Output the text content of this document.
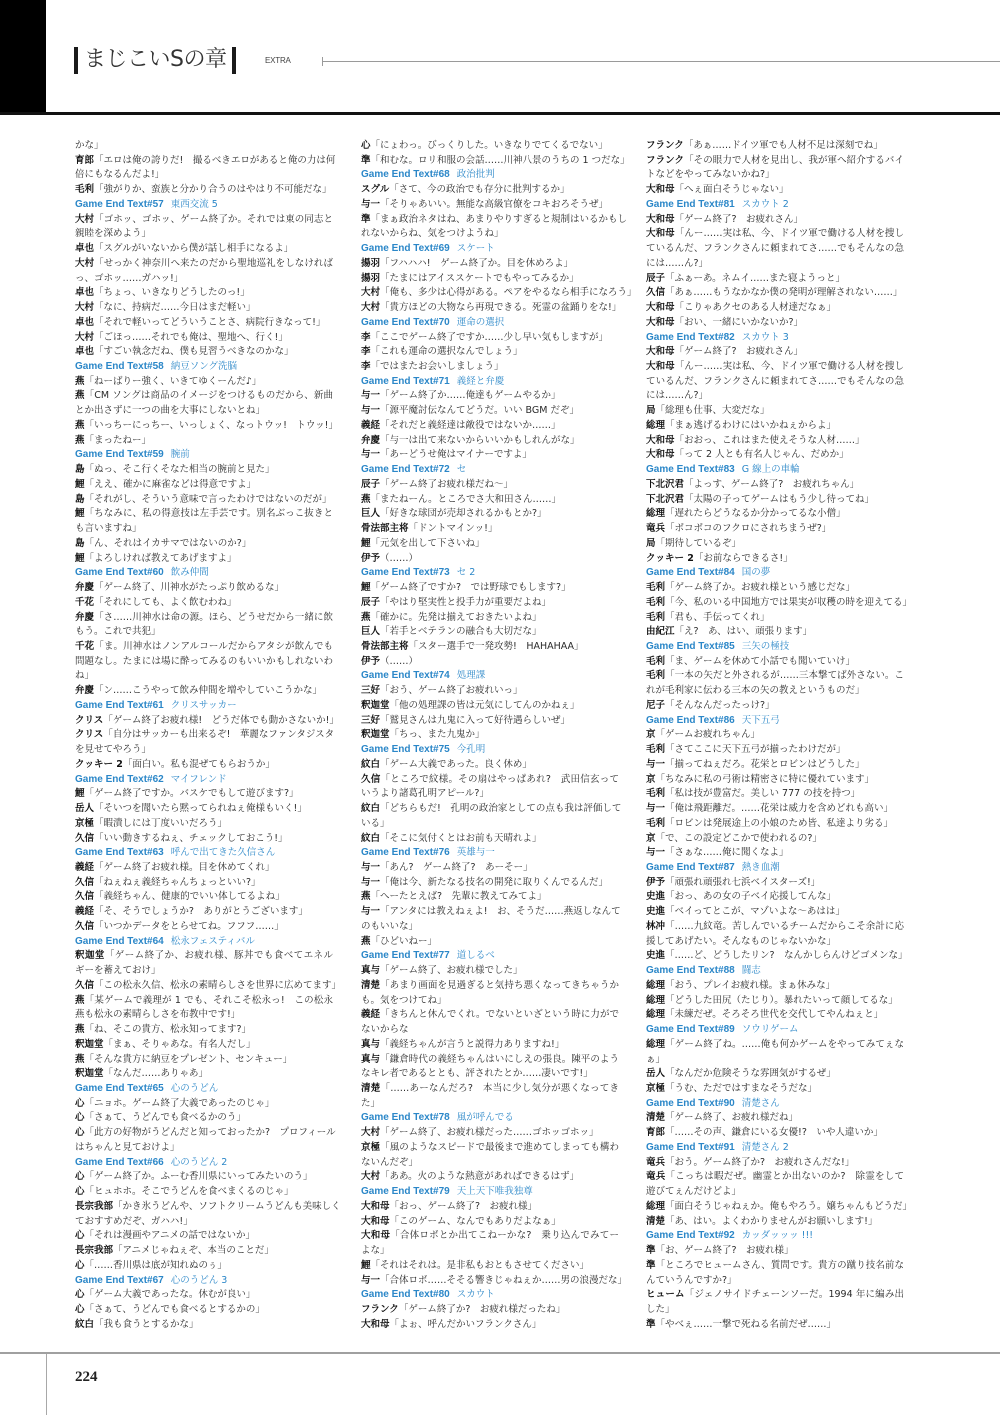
まじこいSの章	EXTRA
かな」
育郎「エロは俺の誇りだ!　撮るべきエロがあると俺の力は何
倍にもなるんだよ!」
毛利「強がりか、蛮族と分かり合うのはやはり不可能だな」
Game End Text#57 東西交流 5
大村「ゴホッ、ゴホッ、ゲーム終了か。それでは東の同志と
親睦を深めよう」
卓也「スグルがいないから僕が話し相手になるよ」
大村「せっかく神奈川へ来たのだから聖地巡礼をしなければ
っ、ゴホッ……ガハッ!」
卓也「ちょっ、いきなりどうしたのっ!」
大村「なに、持病だ……今日はまだ軽い」
卓也「それで軽いってどういうことさ、病院行きなって!」
大村「ごほっ……それでも俺は、聖地へ、行く!」
卓也「すごい執念だね、僕も見習うべきなのかな」
Game End Text#58 納豆ソング洗脳
燕「ねーばりー強く、いきてゆくーんだ♪」
燕「CM ソングは商品のイメージをつけるものだから、新曲
とか出さずに一つの曲を大事にしないとね」
燕「いっちーにっちー、いっしょく、なっトウッ!　トウッ!」
燕「まったねー」
Game End Text#59 腕前
島「ぬっ、そこ行くそなた相当の腕前と見た」
鯉「ええ、確かに麻雀などは得意ですよ」
島「それがし、そういう意味で言ったわけではないのだが」
鯉「ちなみに、私の得意技は左手芸です。別名ぶっこ抜きと
も言いますね」
島「ん、それはイカサマではないのか?」
鯉「よろしければ教えてあげますよ」
Game End Text#60 飲み仲間
弁慶「ゲーム終了、川神水がたっぷり飲めるな」
千花「それにしても、よく飲むわね」
弁慶「さ……川神水は命の源。ほら、どうせだから一緒に飲
もう。これで共犯」
千花「ま。川神水はノンアルコールだからアタシが飲んでも
問題なし。たまには場に酔ってみるのもいいかもしれないわ
ね」
弁慶「ン……こうやって飲み仲間を増やしていこうかな」
Game End Text#61 クリスサッカー
クリス「ゲーム終了お疲れ様!　どうだ体でも動かさないか!」
クリス「自分はサッカーも出来るぞ!　華麗なファンタジスタ
を見せてやろう」
クッキー 2「面白い。私も混ぜてもらおうか」
Game End Text#62 マイフレンド
鯉「ゲーム終了ですか。バスケでもして遊びます?」
岳人「そいつを聞いたら黙ってられねぇ俺様もいく!」
京極「暇潰しには丁度いいだろう」
久信「いい動きするねぇ、チェックしておこう!」
Game End Text#63 呼んで出てきた久信さん
義経「ゲーム終了お疲れ様。目を休めてくれ」
久信「ねぇねぇ義経ちゃんちょっといい?」
久信「義経ちゃん、健康的でいい体してるよね」
義経「そ、そうでしょうか?　ありがとうございます」
久信「いつかデータをとらせてね。フフフ……」
Game End Text#64 松永フェスティバル
釈迦堂「ゲーム終了か、お疲れ様、豚丼でも食べてエネル
ギーを蓄えておけ」
久信「この松永久信、松永の素晴らしさを世界に広めてます」
燕「某ゲームで義理が 1 でも、それこそ松永っ!　この松永
燕も松永の素晴らしさを布教中です!」
燕「ね、そこの貴方、松永知ってます?」
釈迦堂「まぁ、そりゃあな。有名人だし」
燕「そんな貴方に納豆をプレゼント、センキュー」
釈迦堂「なんだ……ありゃあ」
Game End Text#65 心のうどん
心「ニョホ。ゲーム終了大義であったのじゃ」
心「さぁて、うどんでも食べるかのう」
心「此方の好物がうどんだと知っておったか?　プロフィール
はちゃんと見ておけよ」
Game End Text#66 心のうどん 2
心「ゲーム終了か。ふーむ香川県にいってみたいのう」
心「ヒュホホ。そこでうどんを食べまくるのじゃ」
長宗我部「かき氷うどんや、ソフトクリームうどんも美味しく
ておすすめだぞ、ガハハ!」
心「それは漫画やアニメの話ではないか」
長宗我部「アニメじゃねぇぞ、本当のことだ」
心「……香川県は底が知れぬのぅ」
Game End Text#67 心のうどん 3
心「ゲーム大義であったな。休むが良い」
心「さぁて、うどんでも食べるとするかの」
紋白「我も食うとするかな」
心「にょわっ。びっくりした。いきなりでてくるでない」
準「和むな。ロリ和服の会話……川神八景のうちの 1 つだな」
Game End Text#68 政治批判
スグル「さて、今の政治でも存分に批判するか」
与一「そりゃあいい。無能な高級官僚をコキおろそうぜ」
準「まぁ政治ネタはね、あまりやりすぎると規制はいるかもし
れないからね、気をつけようね」
Game End Text#69 スケート
揚羽「フハハハ!　ゲーム終了か。目を休めろよ」
揚羽「たまにはアイススケートでもやってみるか」
大村「俺も、多少は心得がある。ペアをやるなら相手になろう」
大村「貴方ほどの大物なら再現できる。死霊の盆踊りをな!」
Game End Text#70 運命の選択
李「ここでゲーム終了ですか……少し早い気もしますが」
李「これも運命の選択なんでしょう」
李「ではまたお会いしましょう」
Game End Text#71 義経と弁慶
与一「ゲーム終了か……俺達もゲームやるか」
与一「源平魔討伝なんてどうだ。いい BGM だぞ」
義経「それだと義経達は敵役ではないか……」
弁慶「与一は出て来ないからいいかもしれんがな」
与一「あーどうせ俺はマイナーですよ」
Game End Text#72 セ
辰子「ゲーム終了お疲れ様だね～」
燕「またねーん。ところでさ大和田さん……」
巨人「好きな球団が売却されるかもとか?」
骨法部主将「ドントマインッ!」
鯉「元気を出して下さいね」
伊予（……）
Game End Text#73 セ 2
鯉「ゲーム終了ですか?　では野球でもします?」
辰子「やはり堅実性と投手力が重要だよね」
燕「確かに。先発は揃えておきたいよね」
巨人「若手とベテランの融合も大切だな」
骨法部主将「スター選手で一発攻勢!　HAHAHAA」
伊予（……）
Game End Text#74 処理課
三好「おう、ゲーム終了お疲れいっ」
釈迦堂「他の処理課の皆は元気にしてんのかねぇ」
三好「鷲見さんは九鬼に入って好待遇らしいぜ」
釈迦堂「ちっ、また九鬼か」
Game End Text#75 今孔明
紋白「ゲーム大義であった。良く休め」
久信「ところで紋様。その扇はやっぱあれ?　武田信玄って
いうより諸葛孔明アピール?」
紋白「どちらもだ!　孔明の政治家としての点も我は評価して
いる」
紋白「そこに気付くとはお前も天晴れよ」
Game End Text#76 英雄与一
与一「あん?　ゲーム終了?　あーそー」
与一「俺は今、新たなる技名の開発に取りくんでるんだ」
燕「へーたとえば?　先輩に教えてみてよ」
与一「アンタには教えねぇよ!　お、そうだ……燕返しなんて
のもいいな」
燕「ひどいねー」
Game End Text#77 道しるべ
真与「ゲーム終了、お疲れ様でした」
清楚「あまり画面を見過ぎると気持ち悪くなってきちゃうか
も。気をつけてね」
義経「きちんと休んでくれ。でないといざという時に力がで
ないからな
真与「義経ちゃんが言うと説得力ありますね!」
真与「鎌倉時代の義経ちゃんはいにしえの張良。陳平のよう
なキレ者であるととも、評されたとか……凄いです!」
清楚「……あーなんだろ?　本当に少し気分が悪くなってき
た」
Game End Text#78 風が呼んでる
大村「ゲーム終了、お疲れ様だった……ゴホッゴホッ」
京極「風のようなスピードで最後まで進めてしまっても構わ
ないんだぞ」
大村「ああ。火のような熱意があればできるはず」
Game End Text#79 天上天下唯我独尊
大和母「おっ、ゲーム終了?　お疲れ様」
大和母「このゲーム、なんでもありだよなぁ」
大和母「合体ロボとか出てこねーかな?　乗り込んでみてー
よな」
鯉「それはそれは。是非私もおともさせてください」
与一「合体ロボ……そそる響きじゃねぇか……男の浪漫だな」
Game End Text#80 スカウト
フランク「ゲーム終了か?　お疲れ様だったね」
大和母「よぉ、呼んだかいフランクさん」
フランク「あぁ……ドイツ軍でも人材不足は深刻でね」
フランク「その眼力で人材を見出し、我が軍へ紹介するバイ
トなどをやってみないかね?」
大和母「へぇ面白そうじゃない」
Game End Text#81 スカウト 2
大和母「ゲーム終了?　お疲れさん」
大和母「んー……実は私、今、ドイツ軍で働ける人材を捜し
ているんだ、フランクさんに頼まれてさ……でもそんなの急
には……ん?」
辰子「ふぁーあ。ネムイ……また寝ようっと」
久信「あぁ……もうなかなか僕の発明が理解されない……」
大和母「こりゃあクセのある人材達だなぁ」
大和母「おい、一緒にいかないか?」
Game End Text#82 スカウト 3
大和母「ゲーム終了?　お疲れさん」
大和母「んー……実は私、今、ドイツ軍で働ける人材を捜し
ているんだ、フランクさんに頼まれてさ……でもそんなの急
には……ん?」
局「総理も仕事、大変だな」
総理「まぁ逃げるわけにはいかねぇからよ」
大和母「おおっ、これはまた使えそうな人材……」
大和母「って 2 人とも有名人じゃん、だめか」
Game End Text#83 G 線上の車輪
下北沢君「よっす、ゲーム終了?　お疲れちゃん」
下北沢君「太陽の子ってゲームはもう少し待ってね」
総理「遅れたらどうなるか分かってるな小僧」
竜兵「ボコボコのフクロにされちまうぜ?」
局「期待しているぞ」
クッキー 2「お前ならできるさ!」
Game End Text#84 国の夢
毛利「ゲーム終了か。お疲れ様という感じだな」
毛利「今、私のいる中国地方では果実が収穫の時を迎えてる」
毛利「君も、手伝ってくれ」
由紀江「え?　あ、はい、頑張ります」
Game End Text#85 三矢の極技
毛利「ま、ゲームを休めて小話でも聞いていけ」
毛利「一本の矢だと外されるが……三本撃てば外さない。こ
れが毛利家に伝わる三本の矢の教えというものだ」
尼子「そんなんだったっけ?」
Game End Text#86 天下五弓
京「ゲームお疲れちゃん」
毛利「さてここに天下五弓が揃ったわけだが」
与一「揃ってねぇだろ。花栄とロビンはどうした」
京「ちなみに私の弓術は精密さに特に優れています」
毛利「私は技が豊富だ。美しい 777 の技を持つ」
与一「俺は飛距離だ。……花栄は威力を含めどれも高い」
毛利「ロビンは発展途上の小娘のため皆、私達より劣る」
京「で、この設定どこかで使われるの?」
与一「さぁな……俺に聞くなよ」
Game End Text#87 熱き血潮
伊予「頑張れ頑張れ七浜ベイスターズ!」
史進「おっ、あの女の子ベイ応援してんな」
史進「ベイってとこが、マゾいよな～あはは」
林冲「……九紋竜。苦しんでいるチームだからこそ余計に応
援してあげたい。そんなものじゃないかな」
史進「……ど、どうしたリン?　なんかしらんけどゴメンな」
Game End Text#88 闘志
総理「おう、プレイお疲れ様。まぁ休みな」
総理「どうした田尻（たじり）。暴れたいって顔してるな」
総理「未練だぜ。そろそろ世代を交代してやんねぇと」
Game End Text#89 ソウリゲーム
総理「ゲーム終了ね。……俺も何かゲームをやってみてぇな
ぁ」
岳人「なんだか危険そうな雰囲気がするぜ」
京極「うむ、ただではすまなそうだな」
Game End Text#90 清楚さん
清楚「ゲーム終了、お疲れ様だね」
育郎「……その声、鎌倉にいる女優!?　いや人違いか」
Game End Text#91 清楚さん 2
竜兵「おう。ゲーム終了か?　お疲れさんだな!」
竜兵「こっちは暇だぜ。幽霊とか出ないのか?　除霊をして
遊びてぇんだけどよ」
総理「面白そうじゃねぇか。俺もやろう。嬢ちゃんもどうだ」
清楚「あ、はい。よくわかりませんがお願いします!」
Game End Text#92 カッダッッッ !!!
準「お、ゲーム終了?　お疲れ様」
準「ところでヒュームさん、質問です。貴方の蹴り技名前な
んていうんですか?」
ヒューム「ジェノサイドチェーンソーだ。1994 年に編み出
した」
準「やべぇ……一撃で死ねる名前だぜ……」
224
